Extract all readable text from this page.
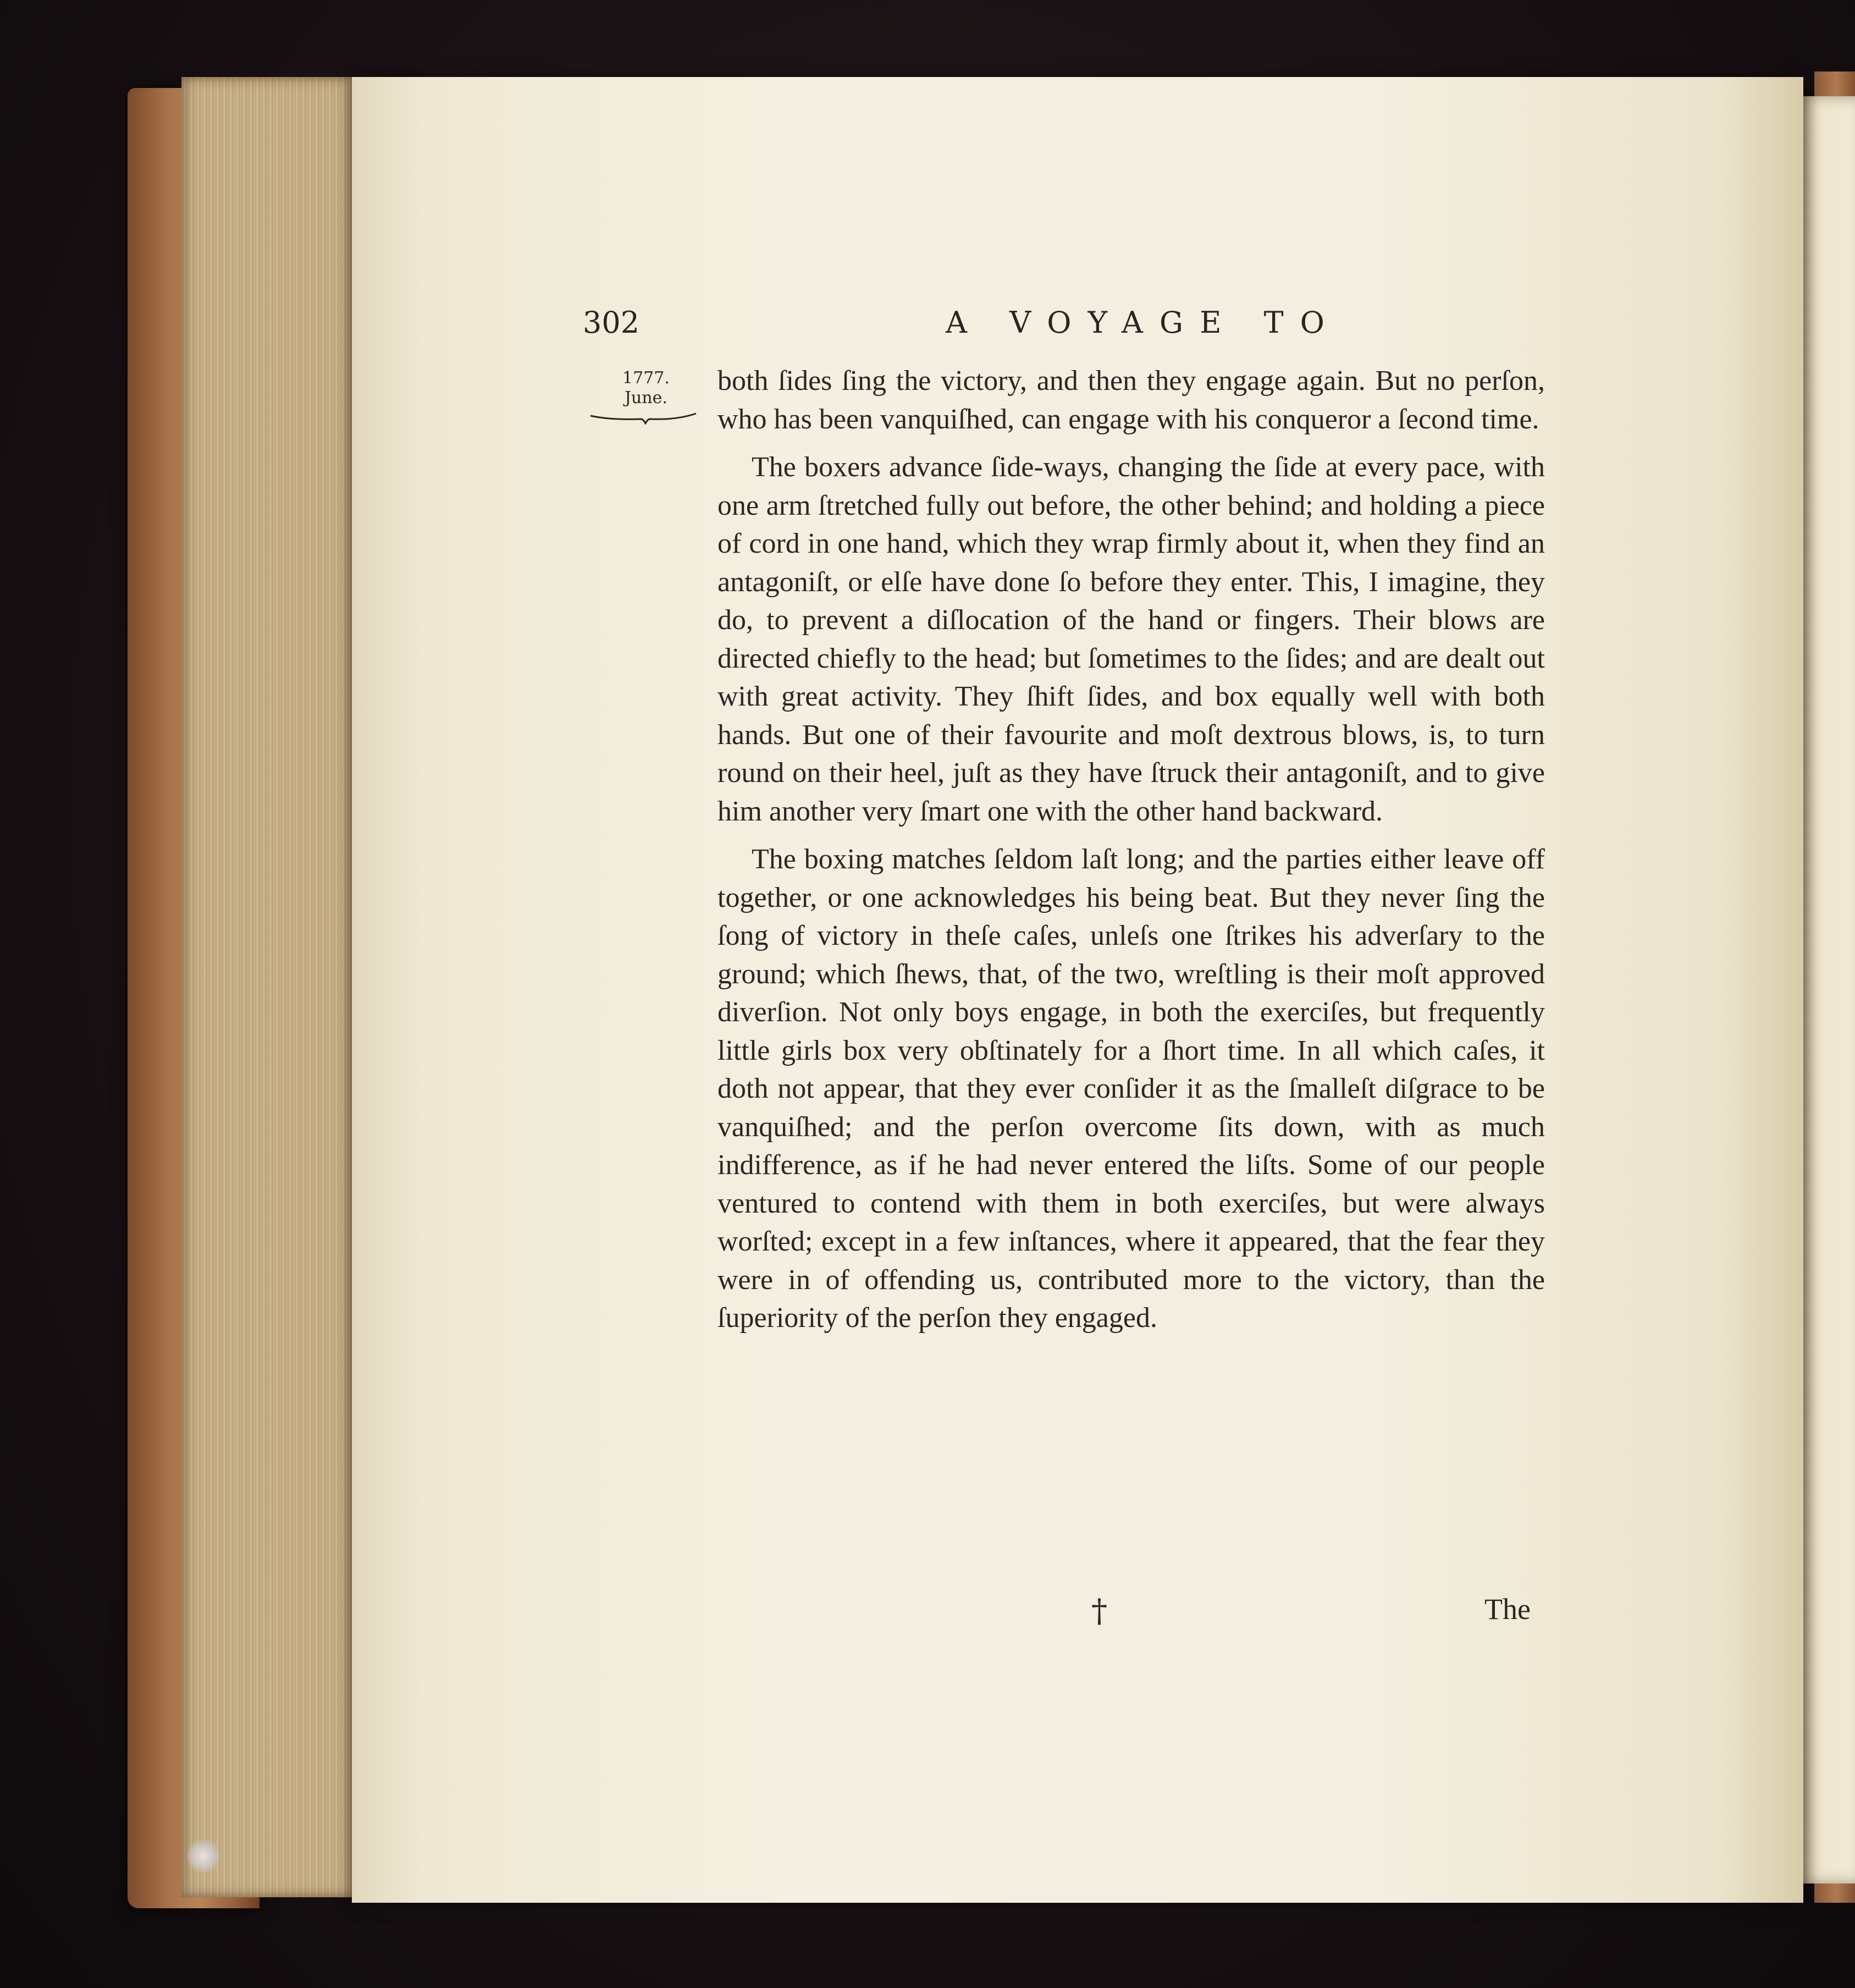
302	A VOYAGE TO
1777.
June.

both ſides ſing the victory, and then they engage again. But no perſon, who has been vanquiſhed, can engage with his conqueror a ſecond time.

The boxers advance ſide-ways, changing the ſide at every pace, with one arm ſtretched fully out before, the other behind; and holding a piece of cord in one hand, which they wrap firmly about it, when they find an antagoniſt, or elſe have done ſo before they enter. This, I imagine, they do, to prevent a diſlocation of the hand or fingers. Their blows are directed chiefly to the head; but ſometimes to the ſides; and are dealt out with great activity. They ſhift ſides, and box equally well with both hands. But one of their favourite and moſt dextrous blows, is, to turn round on their heel, juſt as they have ſtruck their antagoniſt, and to give him another very ſmart one with the other hand backward.

The boxing matches ſeldom laſt long; and the parties either leave off together, or one acknowledges his being beat. But they never ſing the ſong of victory in theſe caſes, unleſs one ſtrikes his adverſary to the ground; which ſhews, that, of the two, wreſtling is their moſt approved diverſion. Not only boys engage, in both the exerciſes, but frequently little girls box very obſtinately for a ſhort time. In all which caſes, it doth not appear, that they ever conſider it as the ſmalleſt diſgrace to be vanquiſhed; and the perſon overcome ſits down, with as much indifference, as if he had never entered the liſts. Some of our people ventured to contend with them in both exerciſes, but were always worſted; except in a few inſtances, where it appeared, that the fear they were in of offending us, contributed more to the victory, than the ſuperiority of the perſon they engaged.

†	The
